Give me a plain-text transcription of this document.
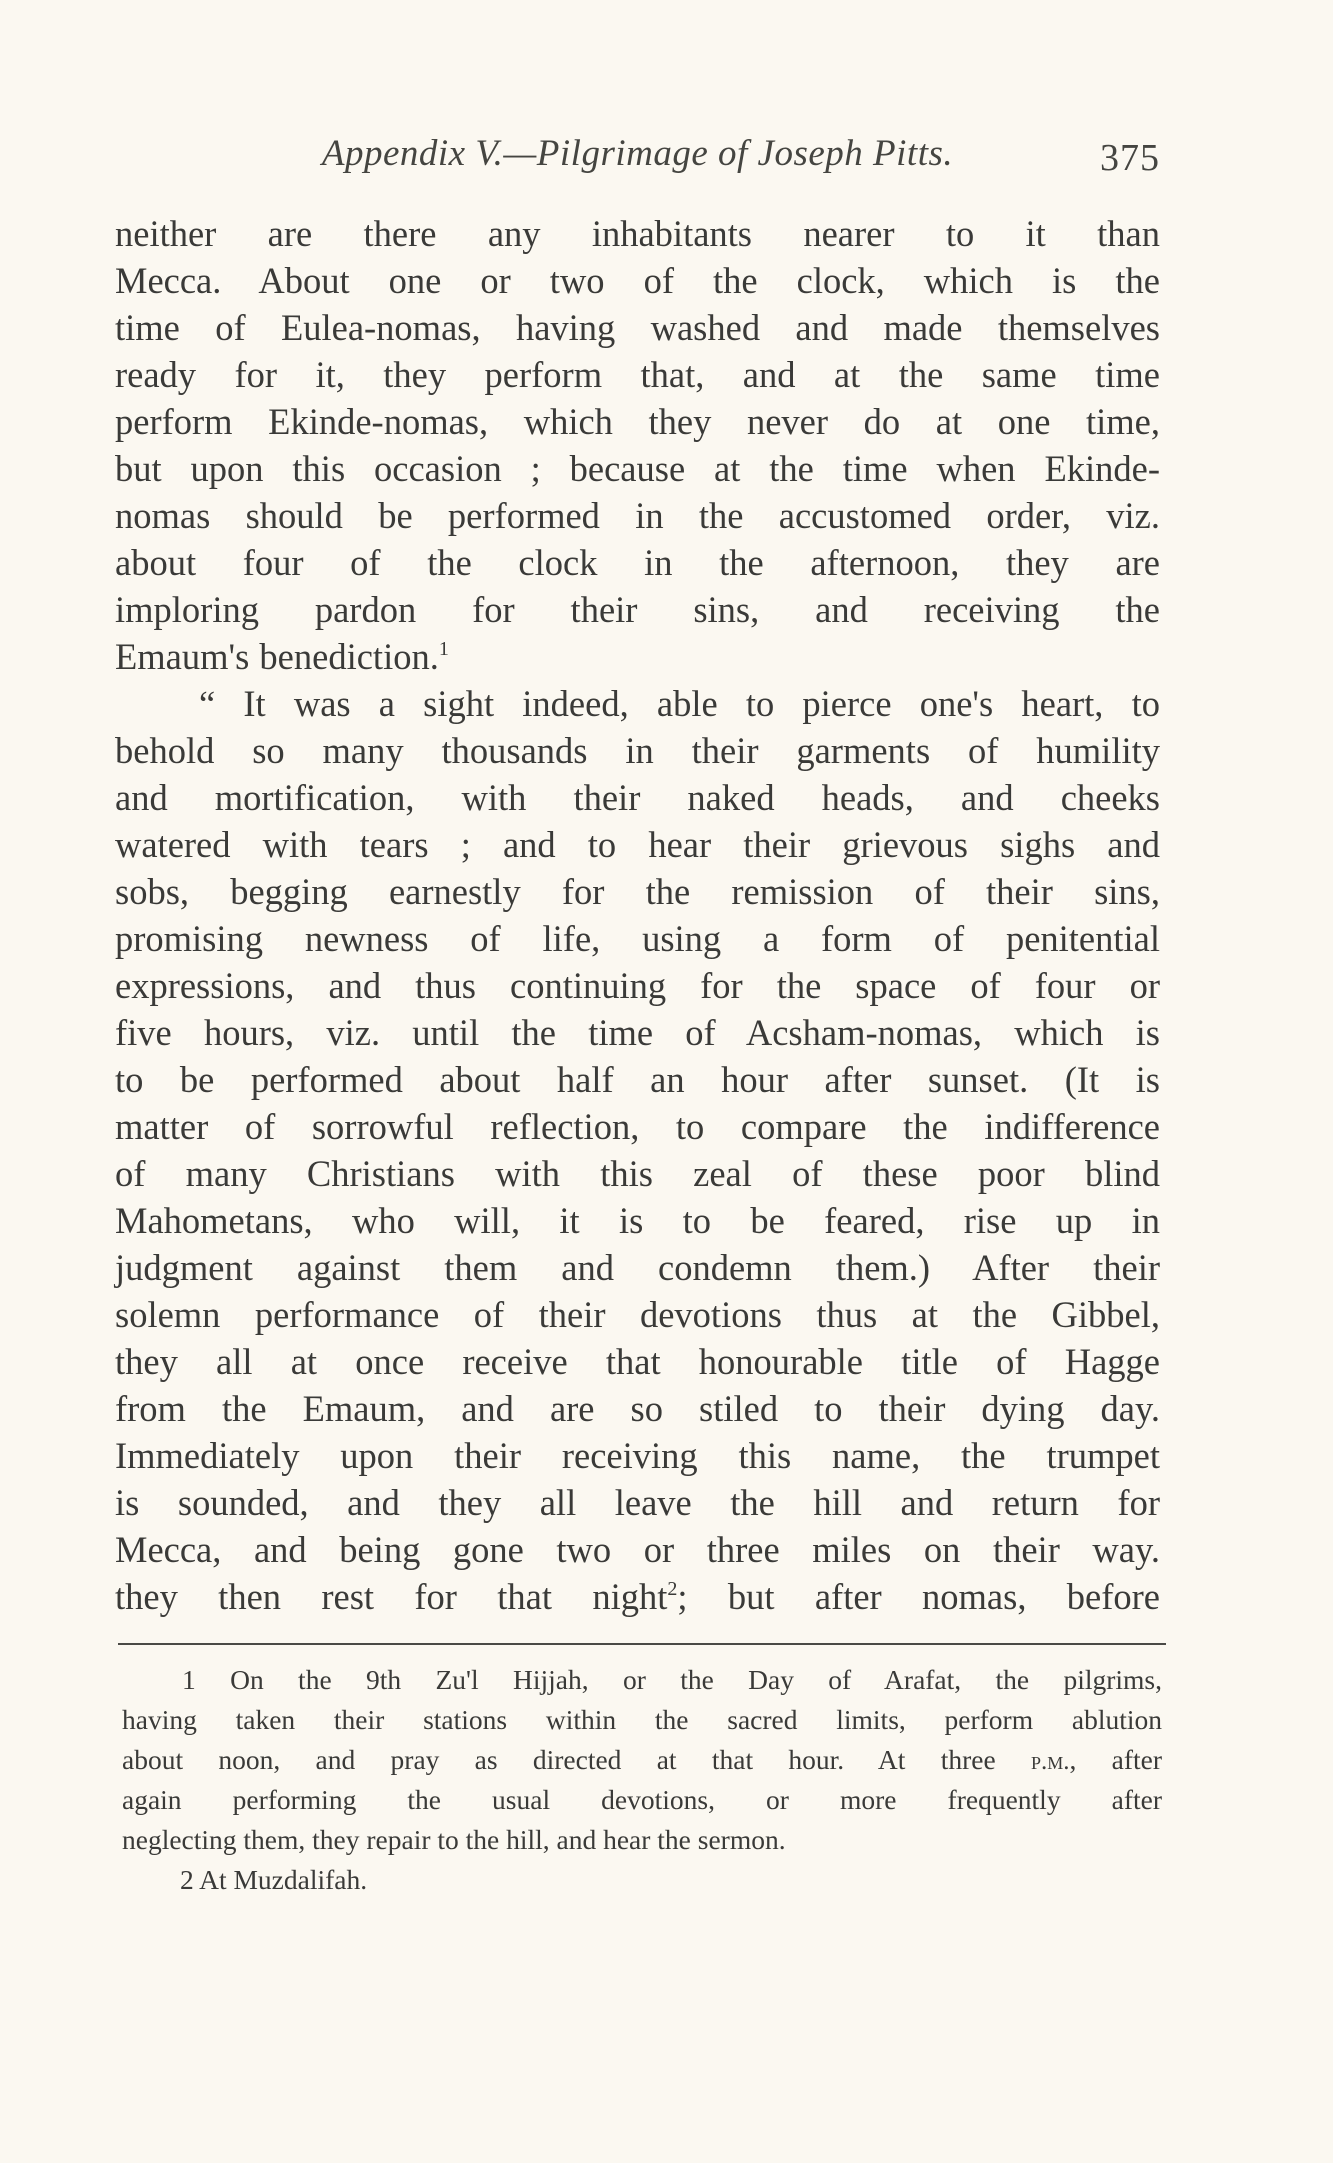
Appendix V.—Pilgrimage of Joseph Pitts.	375
neither are there any inhabitants nearer to it than
Mecca. About one or two of the clock, which is the
time of Eulea-nomas, having washed and made themselves
ready for it, they perform that, and at the same time
perform Ekinde-nomas, which they never do at one time,
but upon this occasion ; because at the time when Ekinde-
nomas should be performed in the accustomed order, viz.
about four of the clock in the afternoon, they are
imploring pardon for their sins, and receiving the
Emaum's benediction.$^1$
“ It was a sight indeed, able to pierce one's heart, to
behold so many thousands in their garments of humility
and mortification, with their naked heads, and cheeks
watered with tears ; and to hear their grievous sighs and
sobs, begging earnestly for the remission of their sins,
promising newness of life, using a form of penitential
expressions, and thus continuing for the space of four or
five hours, viz. until the time of Acsham-nomas, which is
to be performed about half an hour after sunset. (It is
matter of sorrowful reflection, to compare the indifference
of many Christians with this zeal of these poor blind
Mahometans, who will, it is to be feared, rise up in
judgment against them and condemn them.) After their
solemn performance of their devotions thus at the Gibbel,
they all at once receive that honourable title of Hagge
from the Emaum, and are so stiled to their dying day.
Immediately upon their receiving this name, the trumpet
is sounded, and they all leave the hill and return for
Mecca, and being gone two or three miles on their way.
they then rest for that night$^2$; but after nomas, before
1 On the 9th Zu'l Hijjah, or the Day of Arafat, the pilgrims,
having taken their stations within the sacred limits, perform ablution
about noon, and pray as directed at that hour. At three p.m., after
again performing the usual devotions, or more frequently after
neglecting them, they repair to the hill, and hear the sermon.
2 At Muzdalifah.
